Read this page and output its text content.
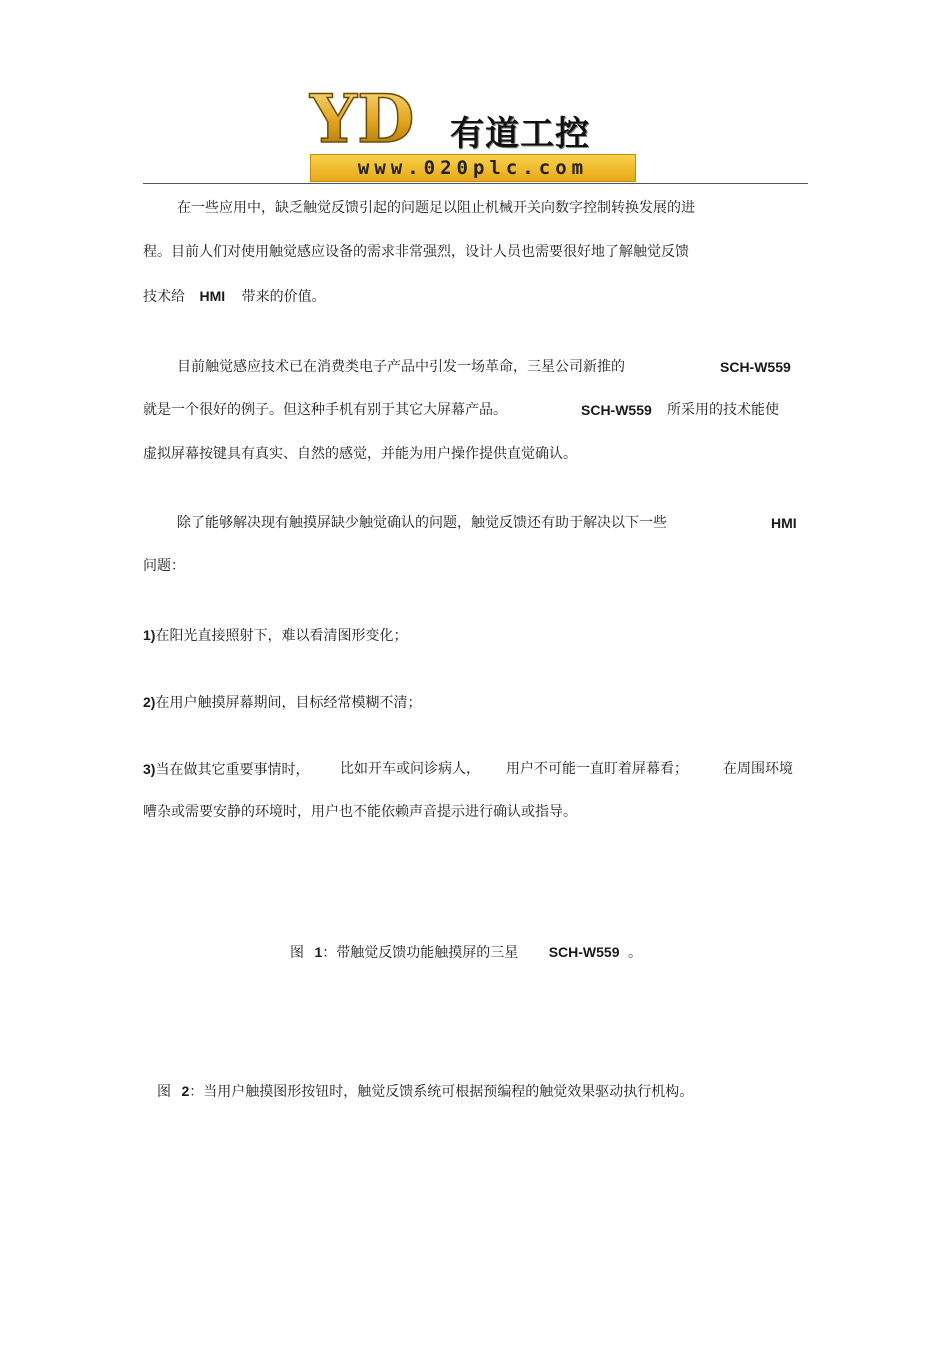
YD 有道工控
www.020plc.com
在一些应用中，缺乏触觉反馈引起的问题足以阻止机械开关向数字控制转换发展的进
程。目前人们对使用触觉感应设备的需求非常强烈，设计人员也需要很好地了解触觉反馈
技术给 HMI 带来的价值。
目前触觉感应技术已在消费类电子产品中引发一场革命，三星公司新推的	SCH-W559
就是一个很好的例子。但这种手机有别于其它大屏幕产品。	SCH-W559 所采用的技术能使
虚拟屏幕按键具有真实、自然的感觉，并能为用户操作提供直觉确认。
除了能够解决现有触摸屏缺少触觉确认的问题，触觉反馈还有助于解决以下一些	HMI
问题：
1)在阳光直接照射下，难以看清图形变化；
2)在用户触摸屏幕期间，目标经常模糊不清；
3)当在做其它重要事情时， 比如开车或问诊病人， 用户不可能一直盯着屏幕看；	在周围环境
嘈杂或需要安静的环境时，用户也不能依赖声音提示进行确认或指导。
图 1：带触觉反馈功能触摸屏的三星 SCH-W559 。
图 2：当用户触摸图形按钮时，触觉反馈系统可根据预编程的触觉效果驱动执行机构。
